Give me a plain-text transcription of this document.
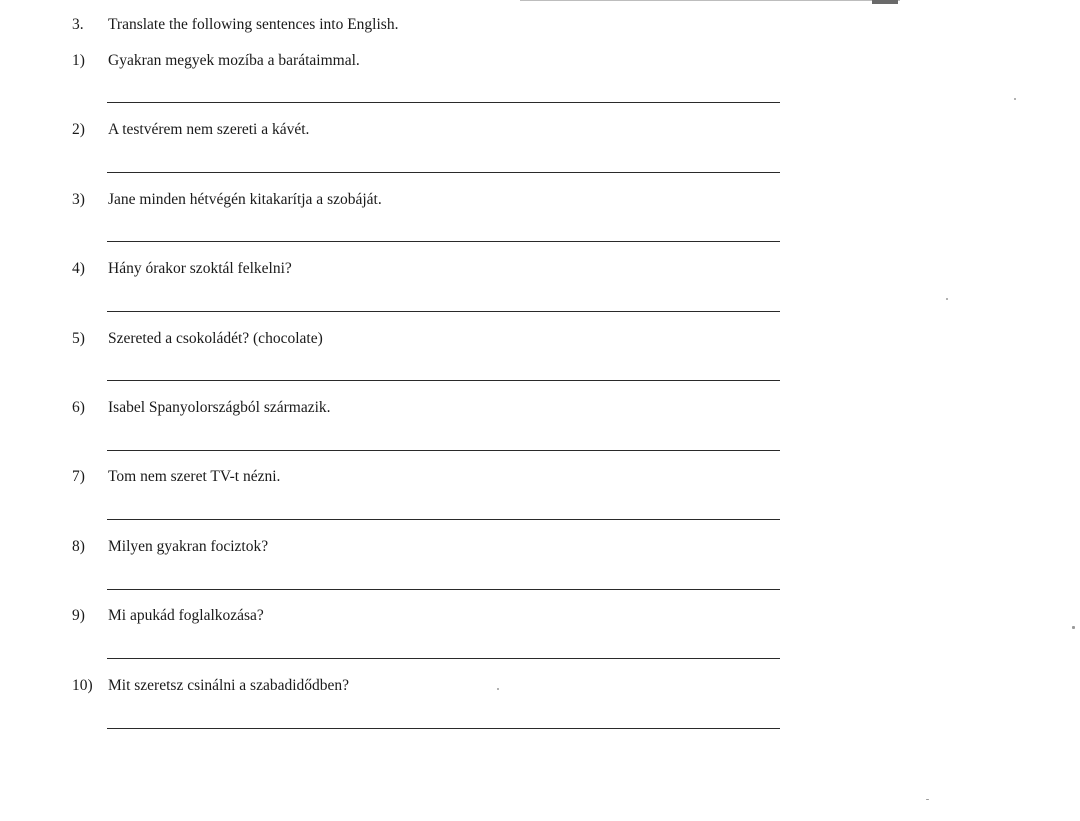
3. Translate the following sentences into English.
1) Gyakran megyek mozíba a barátaimmal.
2) A testvérem nem szereti a kávét.
3) Jane minden hétvégén kitakarítja a szobáját.
4) Hány órakor szoktál felkelni?
5) Szereted a csokoládét? (chocolate)
6) Isabel Spanyolországból származik.
7) Tom nem szeret TV-t nézni.
8) Milyen gyakran fociztok?
9) Mi apukád foglalkozása?
10) Mit szeretsz csinálni a szabadidődben?
